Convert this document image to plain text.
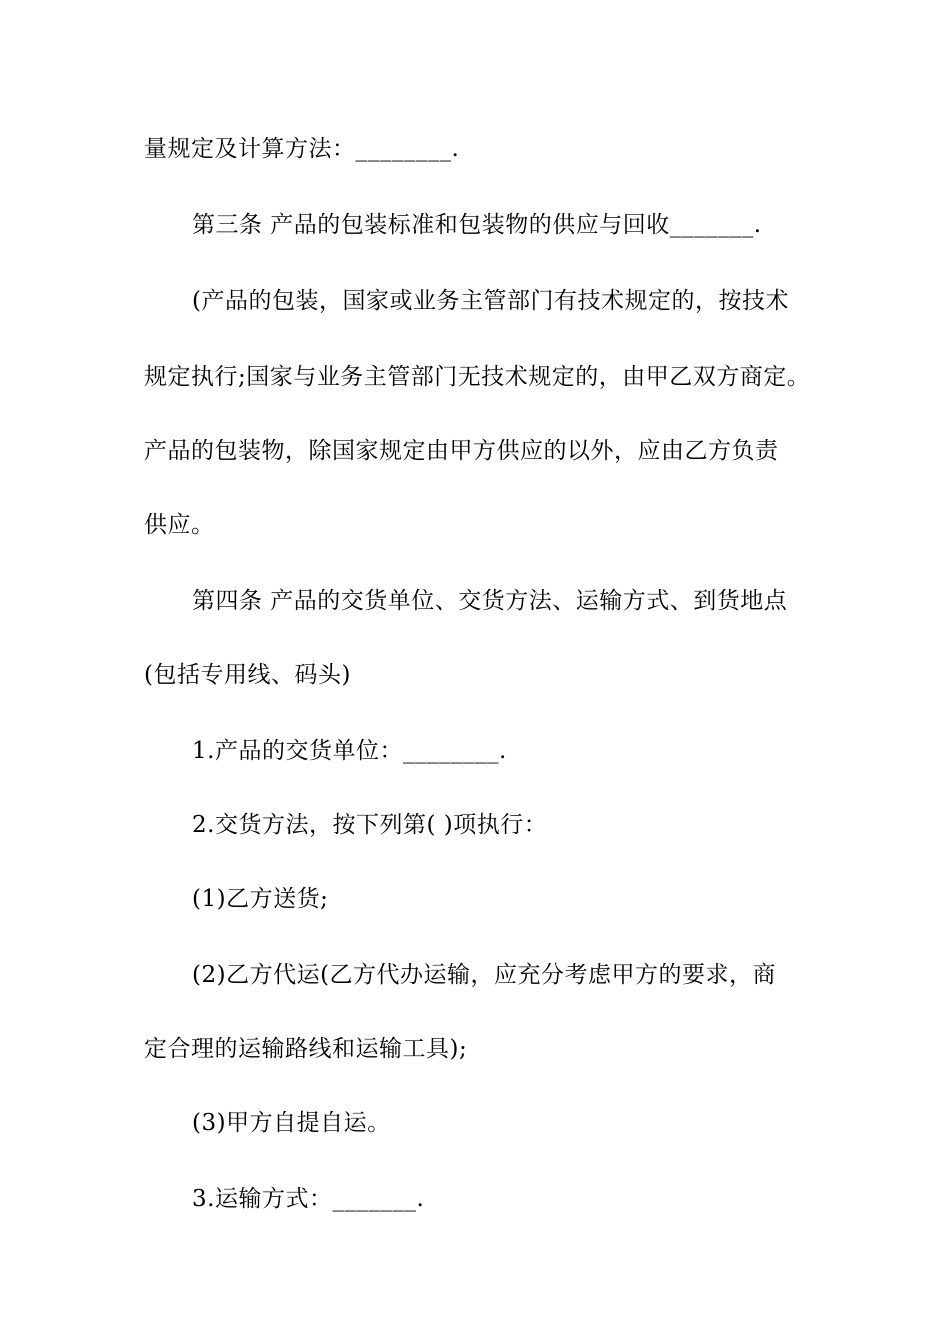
量规定及计算方法：________.
第三条 产品的包装标准和包装物的供应与回收_______.
(产品的包装，国家或业务主管部门有技术规定的，按技术
规定执行;国家与业务主管部门无技术规定的，由甲乙双方商定。
产品的包装物，除国家规定由甲方供应的以外，应由乙方负责
供应。
第四条 产品的交货单位、交货方法、运输方式、到货地点
(包括专用线、码头)
1.产品的交货单位：________.
2.交货方法，按下列第( )项执行：
(1)乙方送货;
(2)乙方代运(乙方代办运输，应充分考虑甲方的要求，商
定合理的运输路线和运输工具);
(3)甲方自提自运。
3.运输方式：_______.
